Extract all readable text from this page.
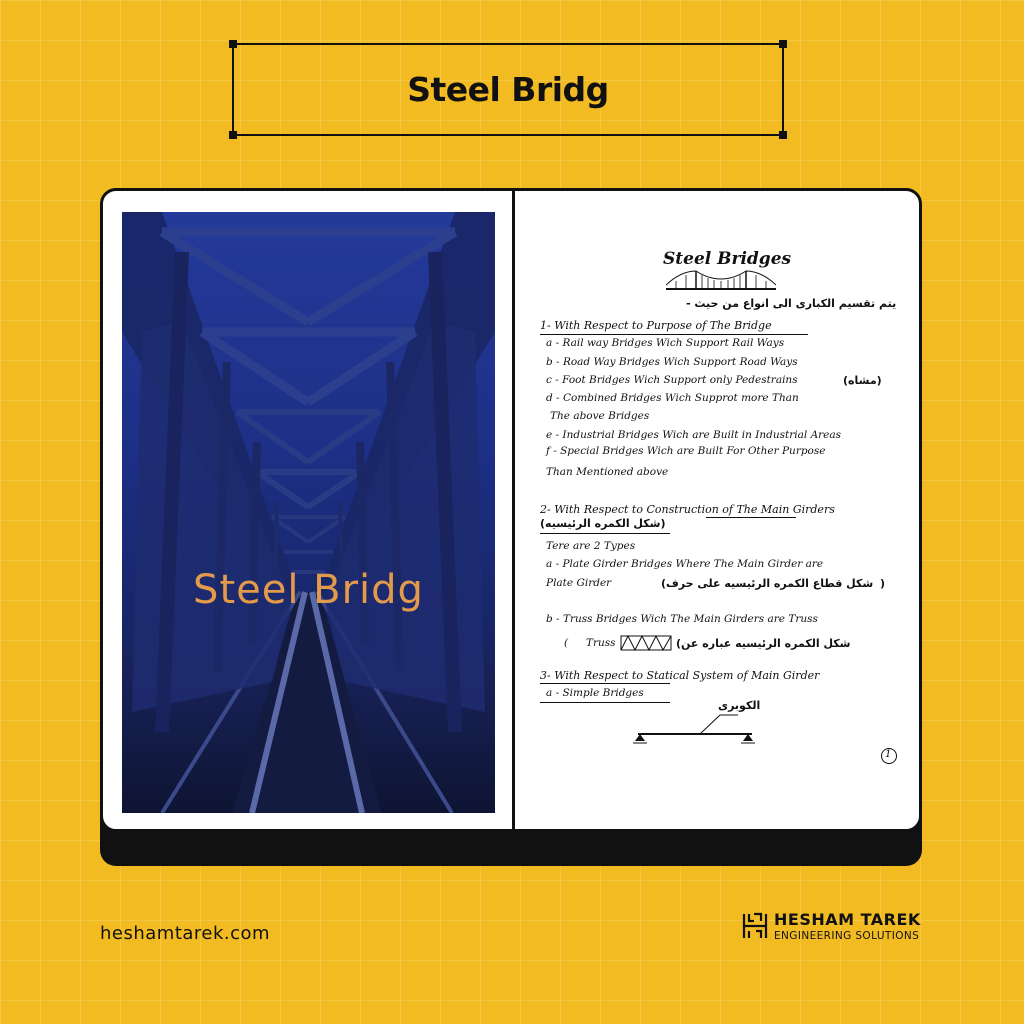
Steel Bridg
Steel Bridg
Steel Bridges
- يتم تقسيم الكبارى الى انواع من حيث
1- With Respect to Purpose of The Bridge
a - Rail way Bridges Wich Support Rail Ways
b - Road Way Bridges Wich Support Road Ways
c - Foot Bridges Wich Support only Pedestrains	(مشاه)
d - Combined Bridges Wich Supprot more Than
The above Bridges
e - Industrial Bridges Wich are Built in Industrial Areas
f - Special Bridges Wich are Built For Other Purpose
Than Mentioned above
2- With Respect to Construction of The Main Girders
(شكل الكمره الرئيسيه)
Tere are 2 Types
a - Plate Girder Bridges Where The Main Girder are
Plate Girder	(شكل قطاع الكمره الرئيسيه على حرف )
b - Truss Bridges Wich The Main Girders are Truss
( Truss	(شكل الكمره الرئيسيه عباره عن
3- With Respect to Statical System of Main Girder
a - Simple Bridges
الكوبرى
1
heshamtarek.com
HESHAM TAREK
ENGINEERING SOLUTIONS
